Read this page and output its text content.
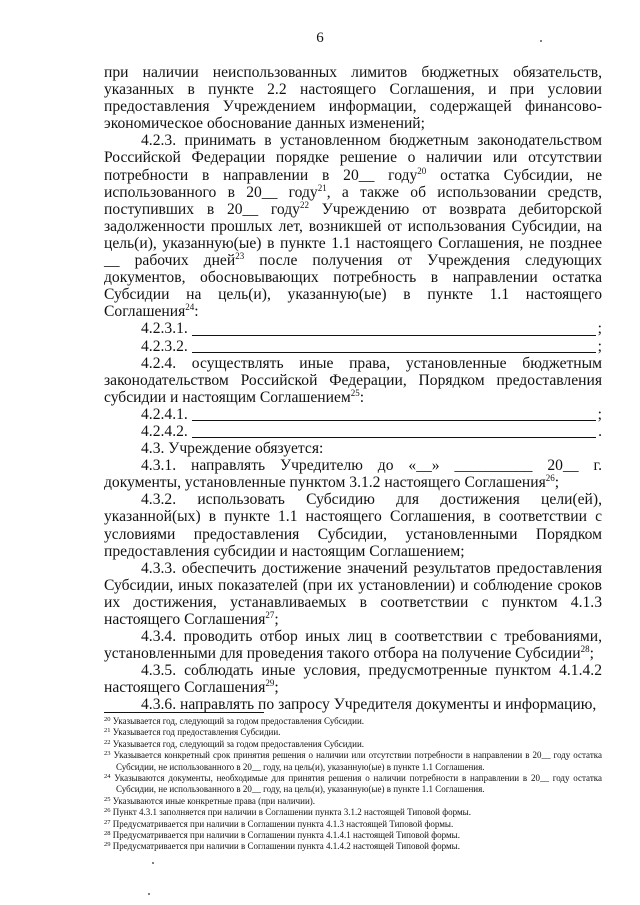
6

при наличии неиспользованных лимитов бюджетных обязательств, указанных в пункте 2.2 настоящего Соглашения, и при условии предоставления Учреждением информации, содержащей финансово-экономическое обоснование данных изменений;

4.2.3. принимать в установленном бюджетным законодательством Российской Федерации порядке решение о наличии или отсутствии потребности в направлении в 20__ году$^{20}$ остатка Субсидии, не использованного в 20__ году$^{21}$, а также об использовании средств, поступивших в 20__ году$^{22}$ Учреждению от возврата дебиторской задолженности прошлых лет, возникшей от использования Субсидии, на цель(и), указанную(ые) в пункте 1.1 настоящего Соглашения, не позднее __ рабочих дней$^{23}$ после получения от Учреждения следующих документов, обосновывающих потребность в направлении остатка Субсидии на цель(и), указанную(ые) в пункте 1.1 настоящего Соглашения$^{24}$:

4.2.3.1.	;
4.2.3.2.	;

4.2.4. осуществлять иные права, установленные бюджетным законодательством Российской Федерации, Порядком предоставления субсидии и настоящим Соглашением$^{25}$:

4.2.4.1.	;
4.2.4.2.	.

4.3. Учреждение обязуется:

4.3.1. направлять Учредителю до «__» __________ 20__ г. документы, установленные пунктом 3.1.2 настоящего Соглашения$^{26}$;

4.3.2. использовать Субсидию для достижения цели(ей), указанной(ых) в пункте 1.1 настоящего Соглашения, в соответствии с условиями предоставления Субсидии, установленными Порядком предоставления субсидии и настоящим Соглашением;

4.3.3. обеспечить достижение значений результатов предоставления Субсидии, иных показателей (при их установлении) и соблюдение сроков их достижения, устанавливаемых в соответствии с пунктом 4.1.3 настоящего Соглашения$^{27}$;

4.3.4. проводить отбор иных лиц в соответствии с требованиями, установленными для проведения такого отбора на получение Субсидии$^{28}$;

4.3.5. соблюдать иные условия, предусмотренные пунктом 4.1.4.2 настоящего Соглашения$^{29}$;

4.3.6. направлять по запросу Учредителя документы и информацию,

$^{20}$ Указывается год, следующий за годом предоставления Субсидии.

$^{21}$ Указывается год предоставления Субсидии.

$^{22}$ Указывается год, следующий за годом предоставления Субсидии.

$^{23}$ Указывается конкретный срок принятия решения о наличии или отсутствии потребности в направлении в 20__ году остатка Субсидии, не использованного в 20__ году, на цель(и), указанную(ые) в пункте 1.1 Соглашения.

$^{24}$ Указываются документы, необходимые для принятия решения о наличии потребности в направлении в 20__ году остатка Субсидии, не использованного в 20__ году, на цель(и), указанную(ые) в пункте 1.1 Соглашения.

$^{25}$ Указываются иные конкретные права (при наличии).

$^{26}$ Пункт 4.3.1 заполняется при наличии в Соглашении пункта 3.1.2 настоящей Типовой формы.

$^{27}$ Предусматривается при наличии в Соглашении пункта 4.1.3 настоящей Типовой формы.

$^{28}$ Предусматривается при наличии в Соглашении пункта 4.1.4.1 настоящей Типовой формы.

$^{29}$ Предусматривается при наличии в Соглашении пункта 4.1.4.2 настоящей Типовой формы.
